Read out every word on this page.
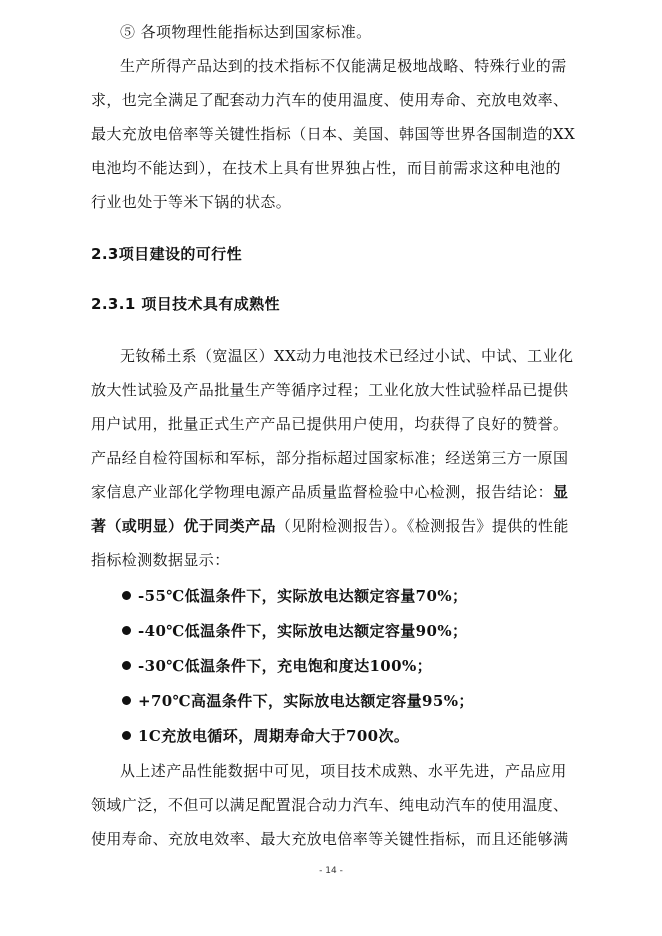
⑤ 各项物理性能指标达到国家标准。
生产所得产品达到的技术指标不仅能满足极地战略、特殊行业的需
求，也完全满足了配套动力汽车的使用温度、使用寿命、充放电效率、
最大充放电倍率等关键性指标（日本、美国、韩国等世界各国制造的XX
电池均不能达到），在技术上具有世界独占性，而目前需求这种电池的
行业也处于等米下锅的状态。
2.3项目建设的可行性
2.3.1 项目技术具有成熟性
无钕稀土系（宽温区）XX动力电池技术已经过小试、中试、工业化
放大性试验及产品批量生产等循序过程；工业化放大性试验样品已提供
用户试用，批量正式生产产品已提供用户使用，均获得了良好的赞誉。
产品经自检符国标和军标，部分指标超过国家标准；经送第三方一原国
家信息产业部化学物理电源产品质量监督检验中心检测，报告结论：显
著（或明显）优于同类产品（见附检测报告）。《检测报告》提供的性能
指标检测数据显示：
-55℃低温条件下，实际放电达额定容量70%；
-40℃低温条件下，实际放电达额定容量90%；
-30℃低温条件下，充电饱和度达100%；
+70℃高温条件下，实际放电达额定容量95%；
1C充放电循环，周期寿命大于700次。
从上述产品性能数据中可见，项目技术成熟、水平先进，产品应用
领域广泛，不但可以满足配置混合动力汽车、纯电动汽车的使用温度、
使用寿命、充放电效率、最大充放电倍率等关键性指标，而且还能够满
- 14 -
